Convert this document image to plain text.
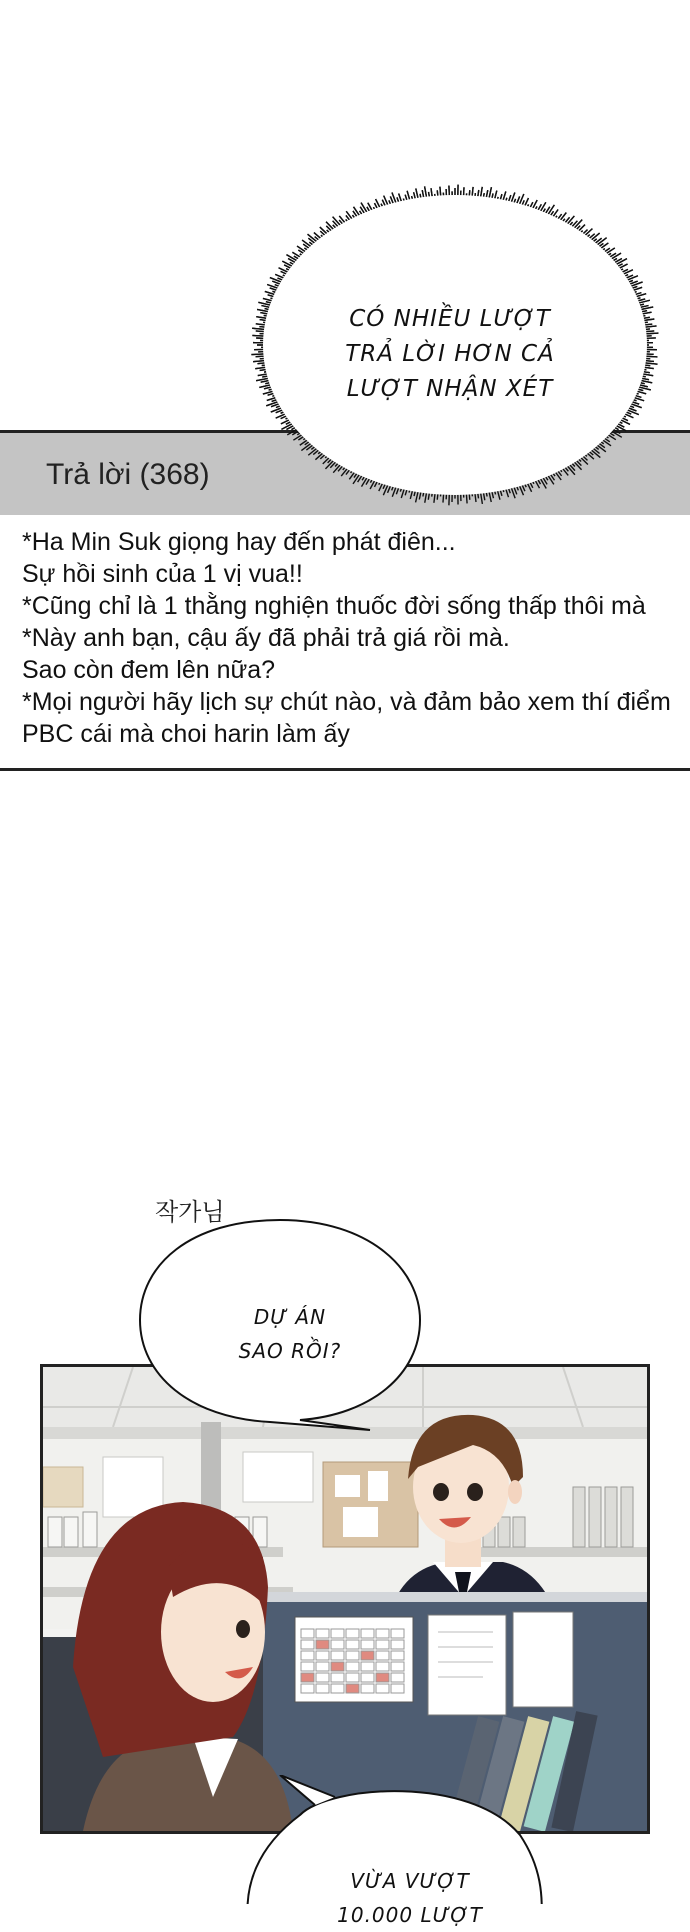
CÓ NHIỀU LƯỢT
TRẢ LỜI HƠN CẢ
LƯỢT NHẬN XÉT
Trả lời (368)
*Ha Min Suk giọng hay đến phát điên...
Sự hồi sinh của 1 vị vua!!
*Cũng chỉ là 1 thằng nghiện thuốc đời sống thấp thôi mà
*Này anh bạn, cậu ấy đã phải trả giá rồi mà.
Sao còn đem lên nữa?
*Mọi người hãy lịch sự chút nào, và đảm bảo xem thí điểm
PBC cái mà choi harin làm ấy
작가님
DỰ ÁN
SAO RỒI?
VỪA VƯỢT
10.000 LƯỢT
